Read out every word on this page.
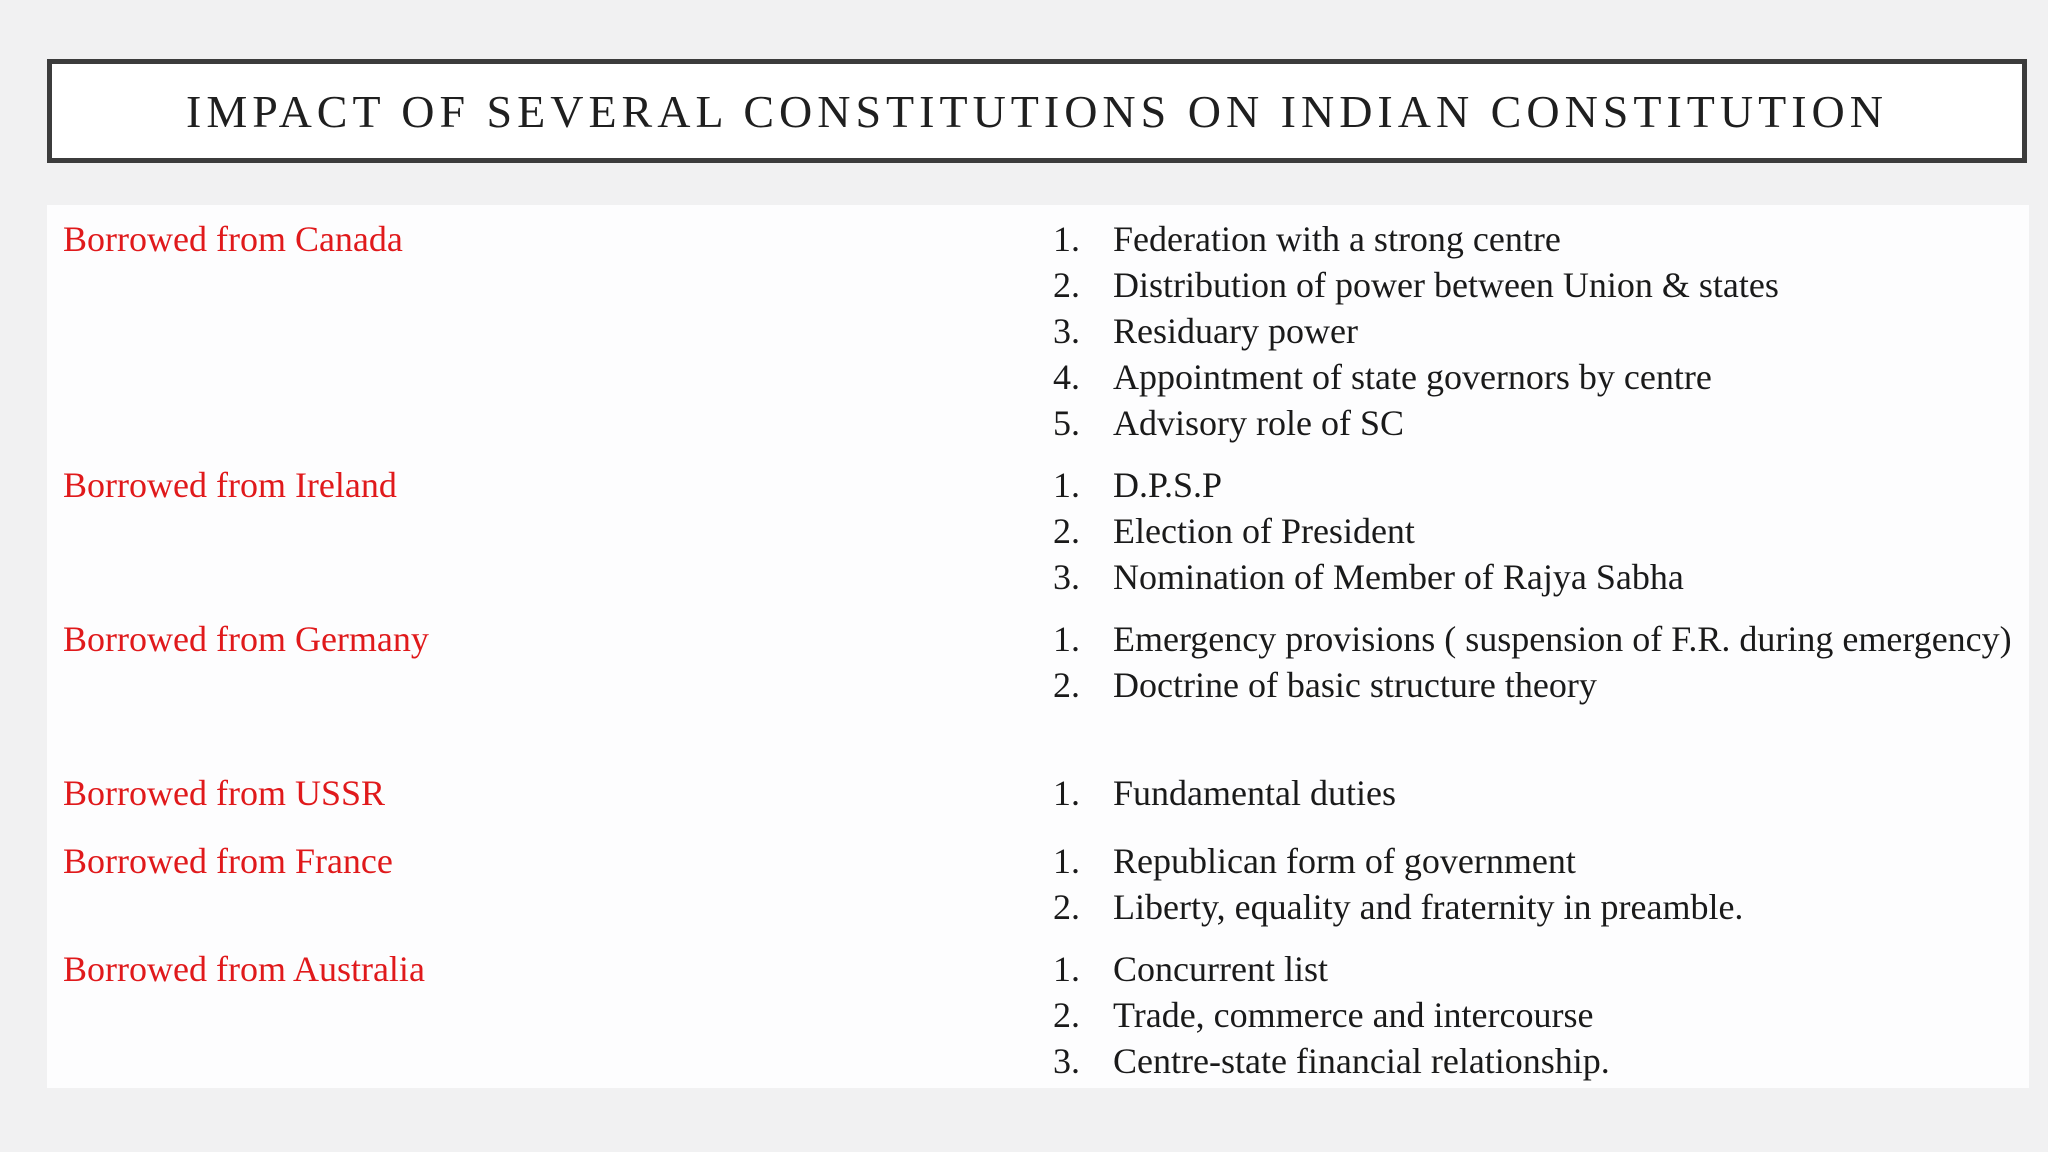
IMPACT OF SEVERAL CONSTITUTIONS ON INDIAN CONSTITUTION
Borrowed from Canada	1. Federation with a strong centre
2. Distribution of power between Union & states
3. Residuary power
4. Appointment of state governors by centre
5. Advisory role of SC
Borrowed from Ireland	1. D.P.S.P
2. Election of President
3. Nomination of Member of Rajya Sabha
Borrowed from Germany	1. Emergency provisions ( suspension of F.R. during emergency)
2. Doctrine of basic structure theory
Borrowed from USSR	1. Fundamental duties
Borrowed from France	1. Republican form of government
2. Liberty, equality and fraternity in preamble.
Borrowed from Australia	1. Concurrent list
2. Trade, commerce and intercourse
3. Centre-state financial relationship.
